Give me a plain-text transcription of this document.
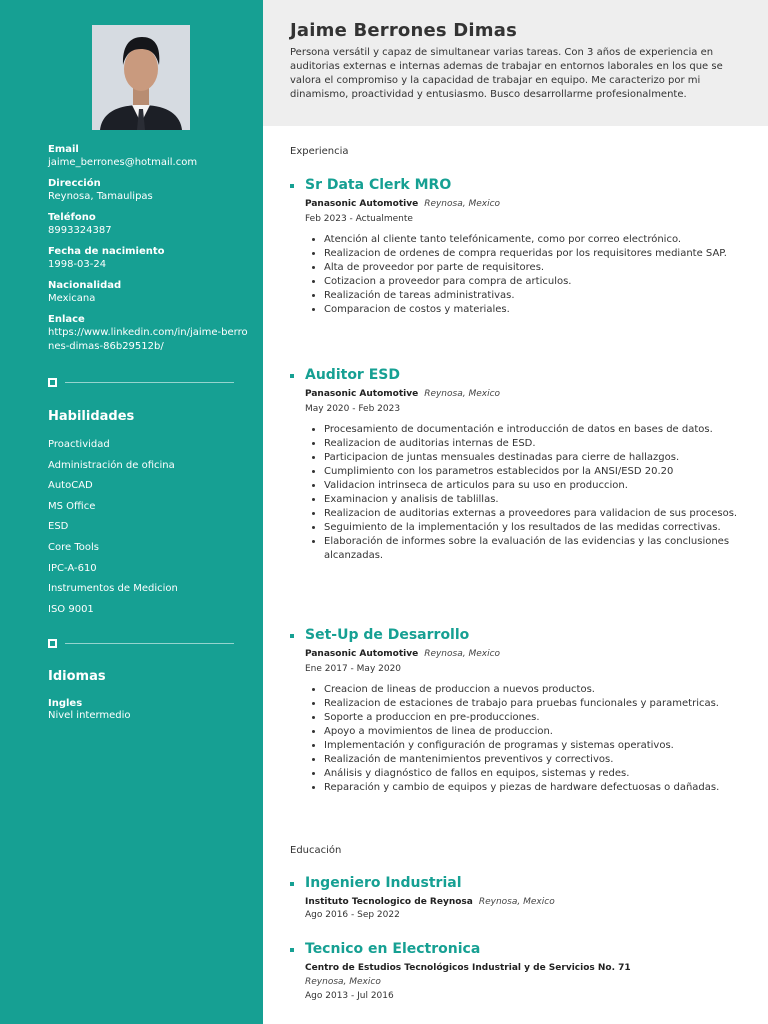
Email
jaime_berrones@hotmail.com
Dirección
Reynosa, Tamaulipas
Teléfono
8993324387
Fecha de nacimiento
1998-03-24
Nacionalidad
Mexicana
Enlace
https://www.linkedin.com/in/jaime-berrones-dimas-86b29512b/
Habilidades
Proactividad
Administración de oficina
AutoCAD
MS Office
ESD
Core Tools
IPC-A-610
Instrumentos de Medicion
ISO 9001
Idiomas
Ingles
Nivel intermedio
Jaime Berrones Dimas

Persona versátil y capaz de simultanear varias tareas. Con 3 años de experiencia en auditorias externas e internas ademas de trabajar en entornos laborales en los que se valora el compromiso y la capacidad de trabajar en equipo. Me caracterizo por mi dinamismo, proactividad y entusiasmo. Busco desarrollarme profesionalmente.

Experiencia
Sr Data Clerk MRO
Panasonic Automotive Reynosa, Mexico
Feb 2023 - Actualmente
• Atención al cliente tanto telefónicamente, como por correo electrónico.
• Realizacion de ordenes de compra requeridas por los requisitores mediante SAP.
• Alta de proveedor por parte de requisitores.
• Cotizacion a proveedor para compra de articulos.
• Realización de tareas administrativas.
• Comparacion de costos y materiales.
Auditor ESD
Panasonic Automotive Reynosa, Mexico
May 2020 - Feb 2023
• Procesamiento de documentación e introducción de datos en bases de datos.
• Realizacion de auditorias internas de ESD.
• Participacion de juntas mensuales destinadas para cierre de hallazgos.
• Cumplimiento con los parametros establecidos por la ANSI/ESD 20.20
• Validacion intrinseca de articulos para su uso en produccion.
• Examinacion y analisis de tablillas.
• Realizacion de auditorias externas a proveedores para validacion de sus procesos.
• Seguimiento de la implementación y los resultados de las medidas correctivas.
• Elaboración de informes sobre la evaluación de las evidencias y las conclusiones alcanzadas.
Set-Up de Desarrollo
Panasonic Automotive Reynosa, Mexico
Ene 2017 - May 2020
• Creacion de lineas de produccion a nuevos productos.
• Realizacion de estaciones de trabajo para pruebas funcionales y parametricas.
• Soporte a produccion en pre-producciones.
• Apoyo a movimientos de linea de produccion.
• Implementación y configuración de programas y sistemas operativos.
• Realización de mantenimientos preventivos y correctivos.
• Análisis y diagnóstico de fallos en equipos, sistemas y redes.
• Reparación y cambio de equipos y piezas de hardware defectuosas o dañadas.
Educación
Ingeniero Industrial
Instituto Tecnologico de Reynosa Reynosa, Mexico
Ago 2016 - Sep 2022
Tecnico en Electronica
Centro de Estudios Tecnológicos Industrial y de Servicios No. 71
Reynosa, Mexico
Ago 2013 - Jul 2016
